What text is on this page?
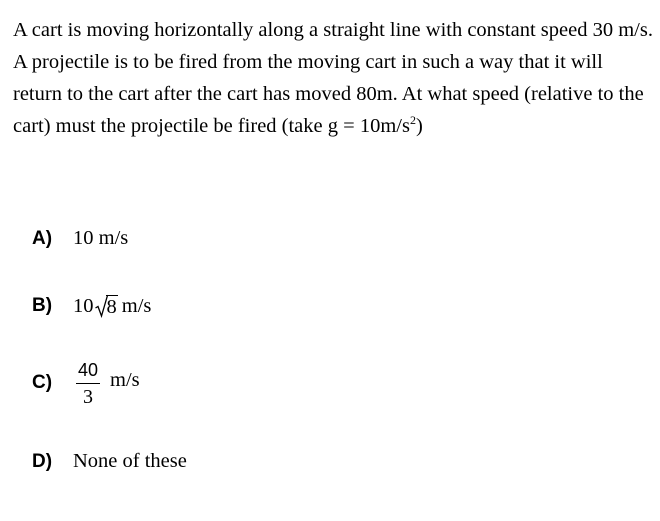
A cart is moving horizontally along a straight line with constant speed 30 m/s. A projectile is to be fired from the moving cart in such a way that it will return to the cart after the cart has moved 80m. At what speed (relative to the cart) must the projectile be fired (take $g = 10m/s^2$)
A)	10 m/s
B)	10 8 m/s
C)	$\frac{40}{3} m/s$
D)	None of these
